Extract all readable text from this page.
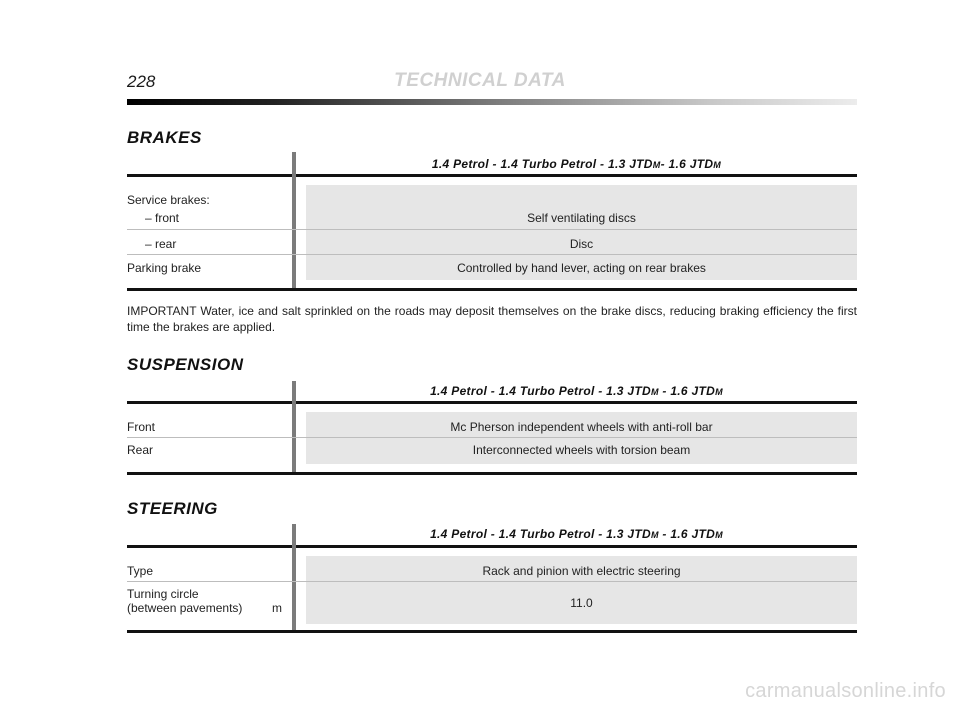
228	TECHNICAL DATA
BRAKES
1.4 Petrol - 1.4 Turbo Petrol - 1.3 JTDM- 1.6 JTDM
Service brakes:
– front	Self ventilating discs
– rear	Disc
Parking brake	Controlled by hand lever, acting on rear brakes
IMPORTANT Water, ice and salt sprinkled on the roads may deposit themselves on the brake discs, reducing braking efficiency the first time the brakes are applied.
SUSPENSION
1.4 Petrol - 1.4 Turbo Petrol - 1.3 JTDM - 1.6 JTDM
Front	Mc Pherson independent wheels with anti-roll bar
Rear	Interconnected wheels with torsion beam
STEERING
1.4 Petrol - 1.4 Turbo Petrol - 1.3 JTDM - 1.6 JTDM
Type	Rack and pinion with electric steering
Turning circle
(between pavements) m	11.0
carmanualsonline.info
